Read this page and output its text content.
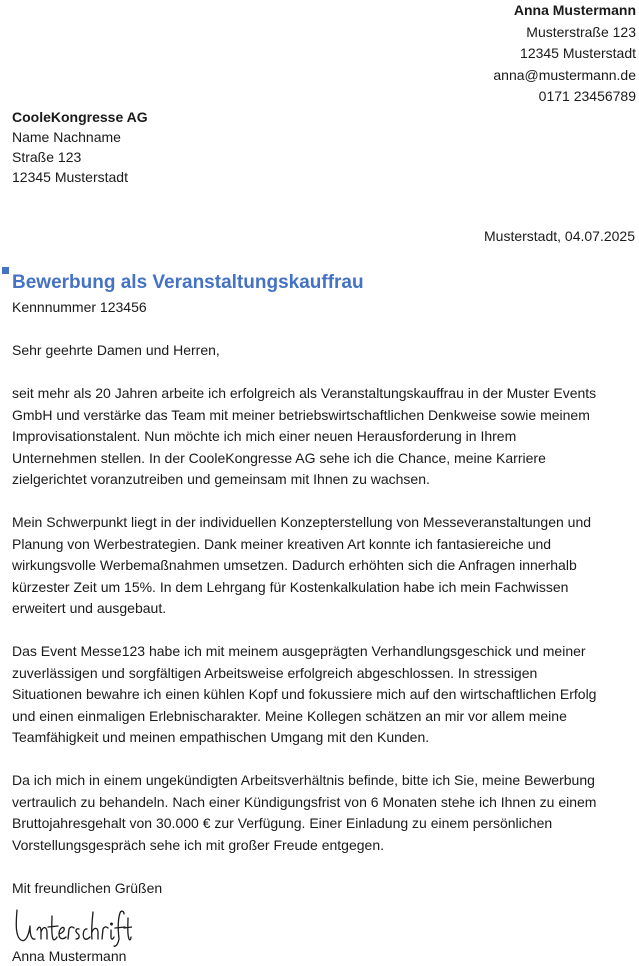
Anna Mustermann
Musterstraße 123
12345 Musterstadt
anna@mustermann.de
0171 23456789
CooleKongresse AG
Name Nachname
Straße 123
12345 Musterstadt
Musterstadt, 04.07.2025
Bewerbung als Veranstaltungskauffrau
Kennnummer 123456

Sehr geehrte Damen und Herren,

seit mehr als 20 Jahren arbeite ich erfolgreich als Veranstaltungskauffrau in der Muster Events
GmbH und verstärke das Team mit meiner betriebswirtschaftlichen Denkweise sowie meinem
Improvisationstalent. Nun möchte ich mich einer neuen Herausforderung in Ihrem
Unternehmen stellen. In der CooleKongresse AG sehe ich die Chance, meine Karriere
zielgerichtet voranzutreiben und gemeinsam mit Ihnen zu wachsen.

Mein Schwerpunkt liegt in der individuellen Konzepterstellung von Messeveranstaltungen und
Planung von Werbestrategien. Dank meiner kreativen Art konnte ich fantasiereiche und
wirkungsvolle Werbemaßnahmen umsetzen. Dadurch erhöhten sich die Anfragen innerhalb
kürzester Zeit um 15%. In dem Lehrgang für Kostenkalkulation habe ich mein Fachwissen
erweitert und ausgebaut.

Das Event Messe123 habe ich mit meinem ausgeprägten Verhandlungsgeschick und meiner
zuverlässigen und sorgfältigen Arbeitsweise erfolgreich abgeschlossen. In stressigen
Situationen bewahre ich einen kühlen Kopf und fokussiere mich auf den wirtschaftlichen Erfolg
und einen einmaligen Erlebnischarakter. Meine Kollegen schätzen an mir vor allem meine
Teamfähigkeit und meinen empathischen Umgang mit den Kunden.

Da ich mich in einem ungekündigten Arbeitsverhältnis befinde, bitte ich Sie, meine Bewerbung
vertraulich zu behandeln. Nach einer Kündigungsfrist von 6 Monaten stehe ich Ihnen zu einem
Bruttojahresgehalt von 30.000 € zur Verfügung. Einer Einladung zu einem persönlichen
Vorstellungsgespräch sehe ich mit großer Freude entgegen.

Mit freundlichen Grüßen

Anna Mustermann
